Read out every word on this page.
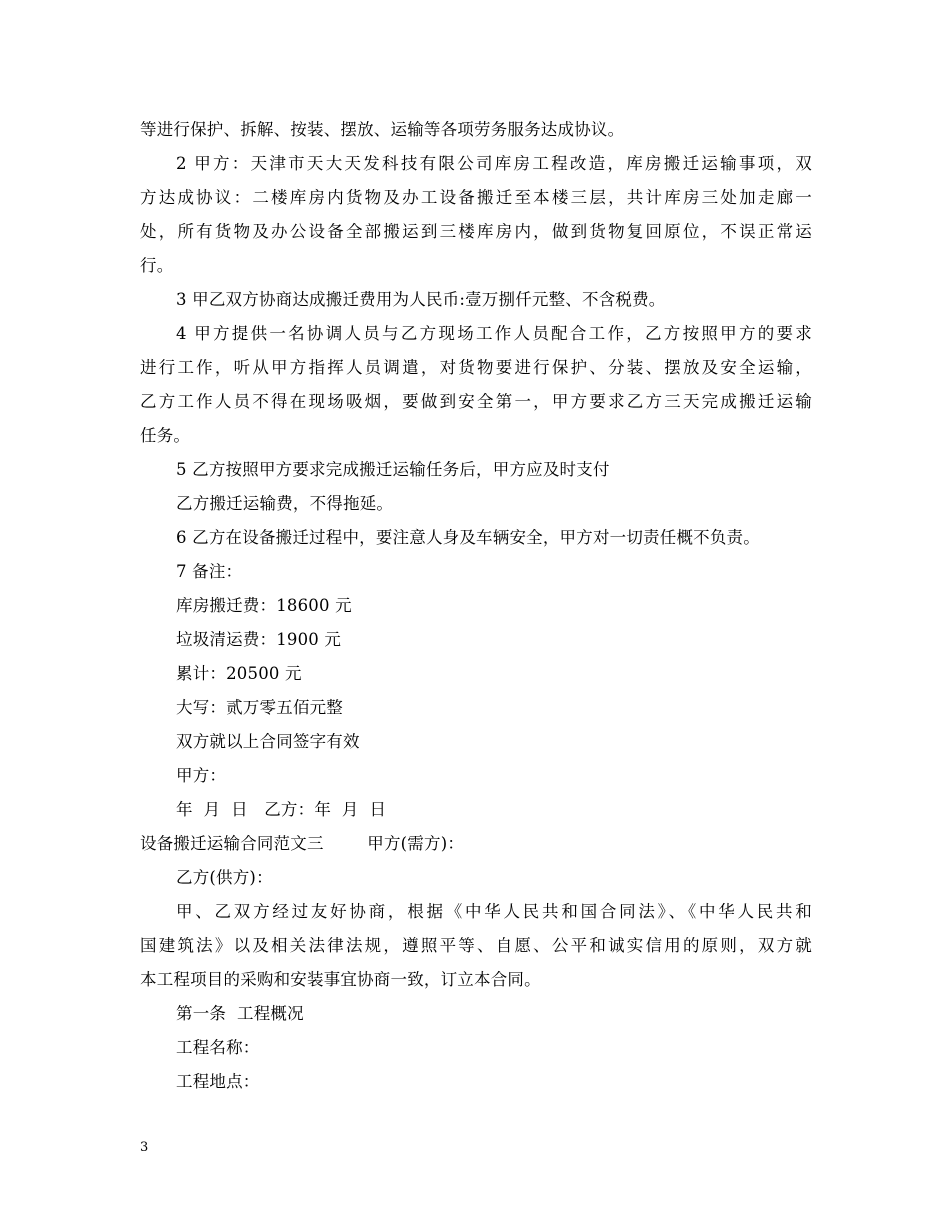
等进行保护、拆解、按装、摆放、运输等各项劳务服务达成协议。
2 甲方：天津市天大天发科技有限公司库房工程改造，库房搬迁运输事项，双
方达成协议：二楼库房内货物及办工设备搬迁至本楼三层，共计库房三处加走廊一
处，所有货物及办公设备全部搬运到三楼库房内，做到货物复回原位，不误正常运
行。
3 甲乙双方协商达成搬迁费用为人民币:壹万捌仟元整、不含税费。
4 甲方提供一名协调人员与乙方现场工作人员配合工作，乙方按照甲方的要求
进行工作，听从甲方指挥人员调遣，对货物要进行保护、分装、摆放及安全运输，
乙方工作人员不得在现场吸烟，要做到安全第一，甲方要求乙方三天完成搬迁运输
任务。
5 乙方按照甲方要求完成搬迁运输任务后，甲方应及时支付
乙方搬迁运输费，不得拖延。
6 乙方在设备搬迁过程中，要注意人身及车辆安全，甲方对一切责任概不负责。
7 备注：
库房搬迁费：18600 元
垃圾清运费：1900 元
累计：20500 元
大写：贰万零五佰元整
双方就以上合同签字有效
甲方：
年  月  日   乙方：年  月  日
设备搬迁运输合同范文三        甲方(需方)：
乙方(供方)：
甲、乙双方经过友好协商，根据《中华人民共和国合同法》、《中华人民共和
国建筑法》以及相关法律法规，遵照平等、自愿、公平和诚实信用的原则，双方就
本工程项目的采购和安装事宜协商一致，订立本合同。
第一条  工程概况
工程名称：
工程地点：
3
